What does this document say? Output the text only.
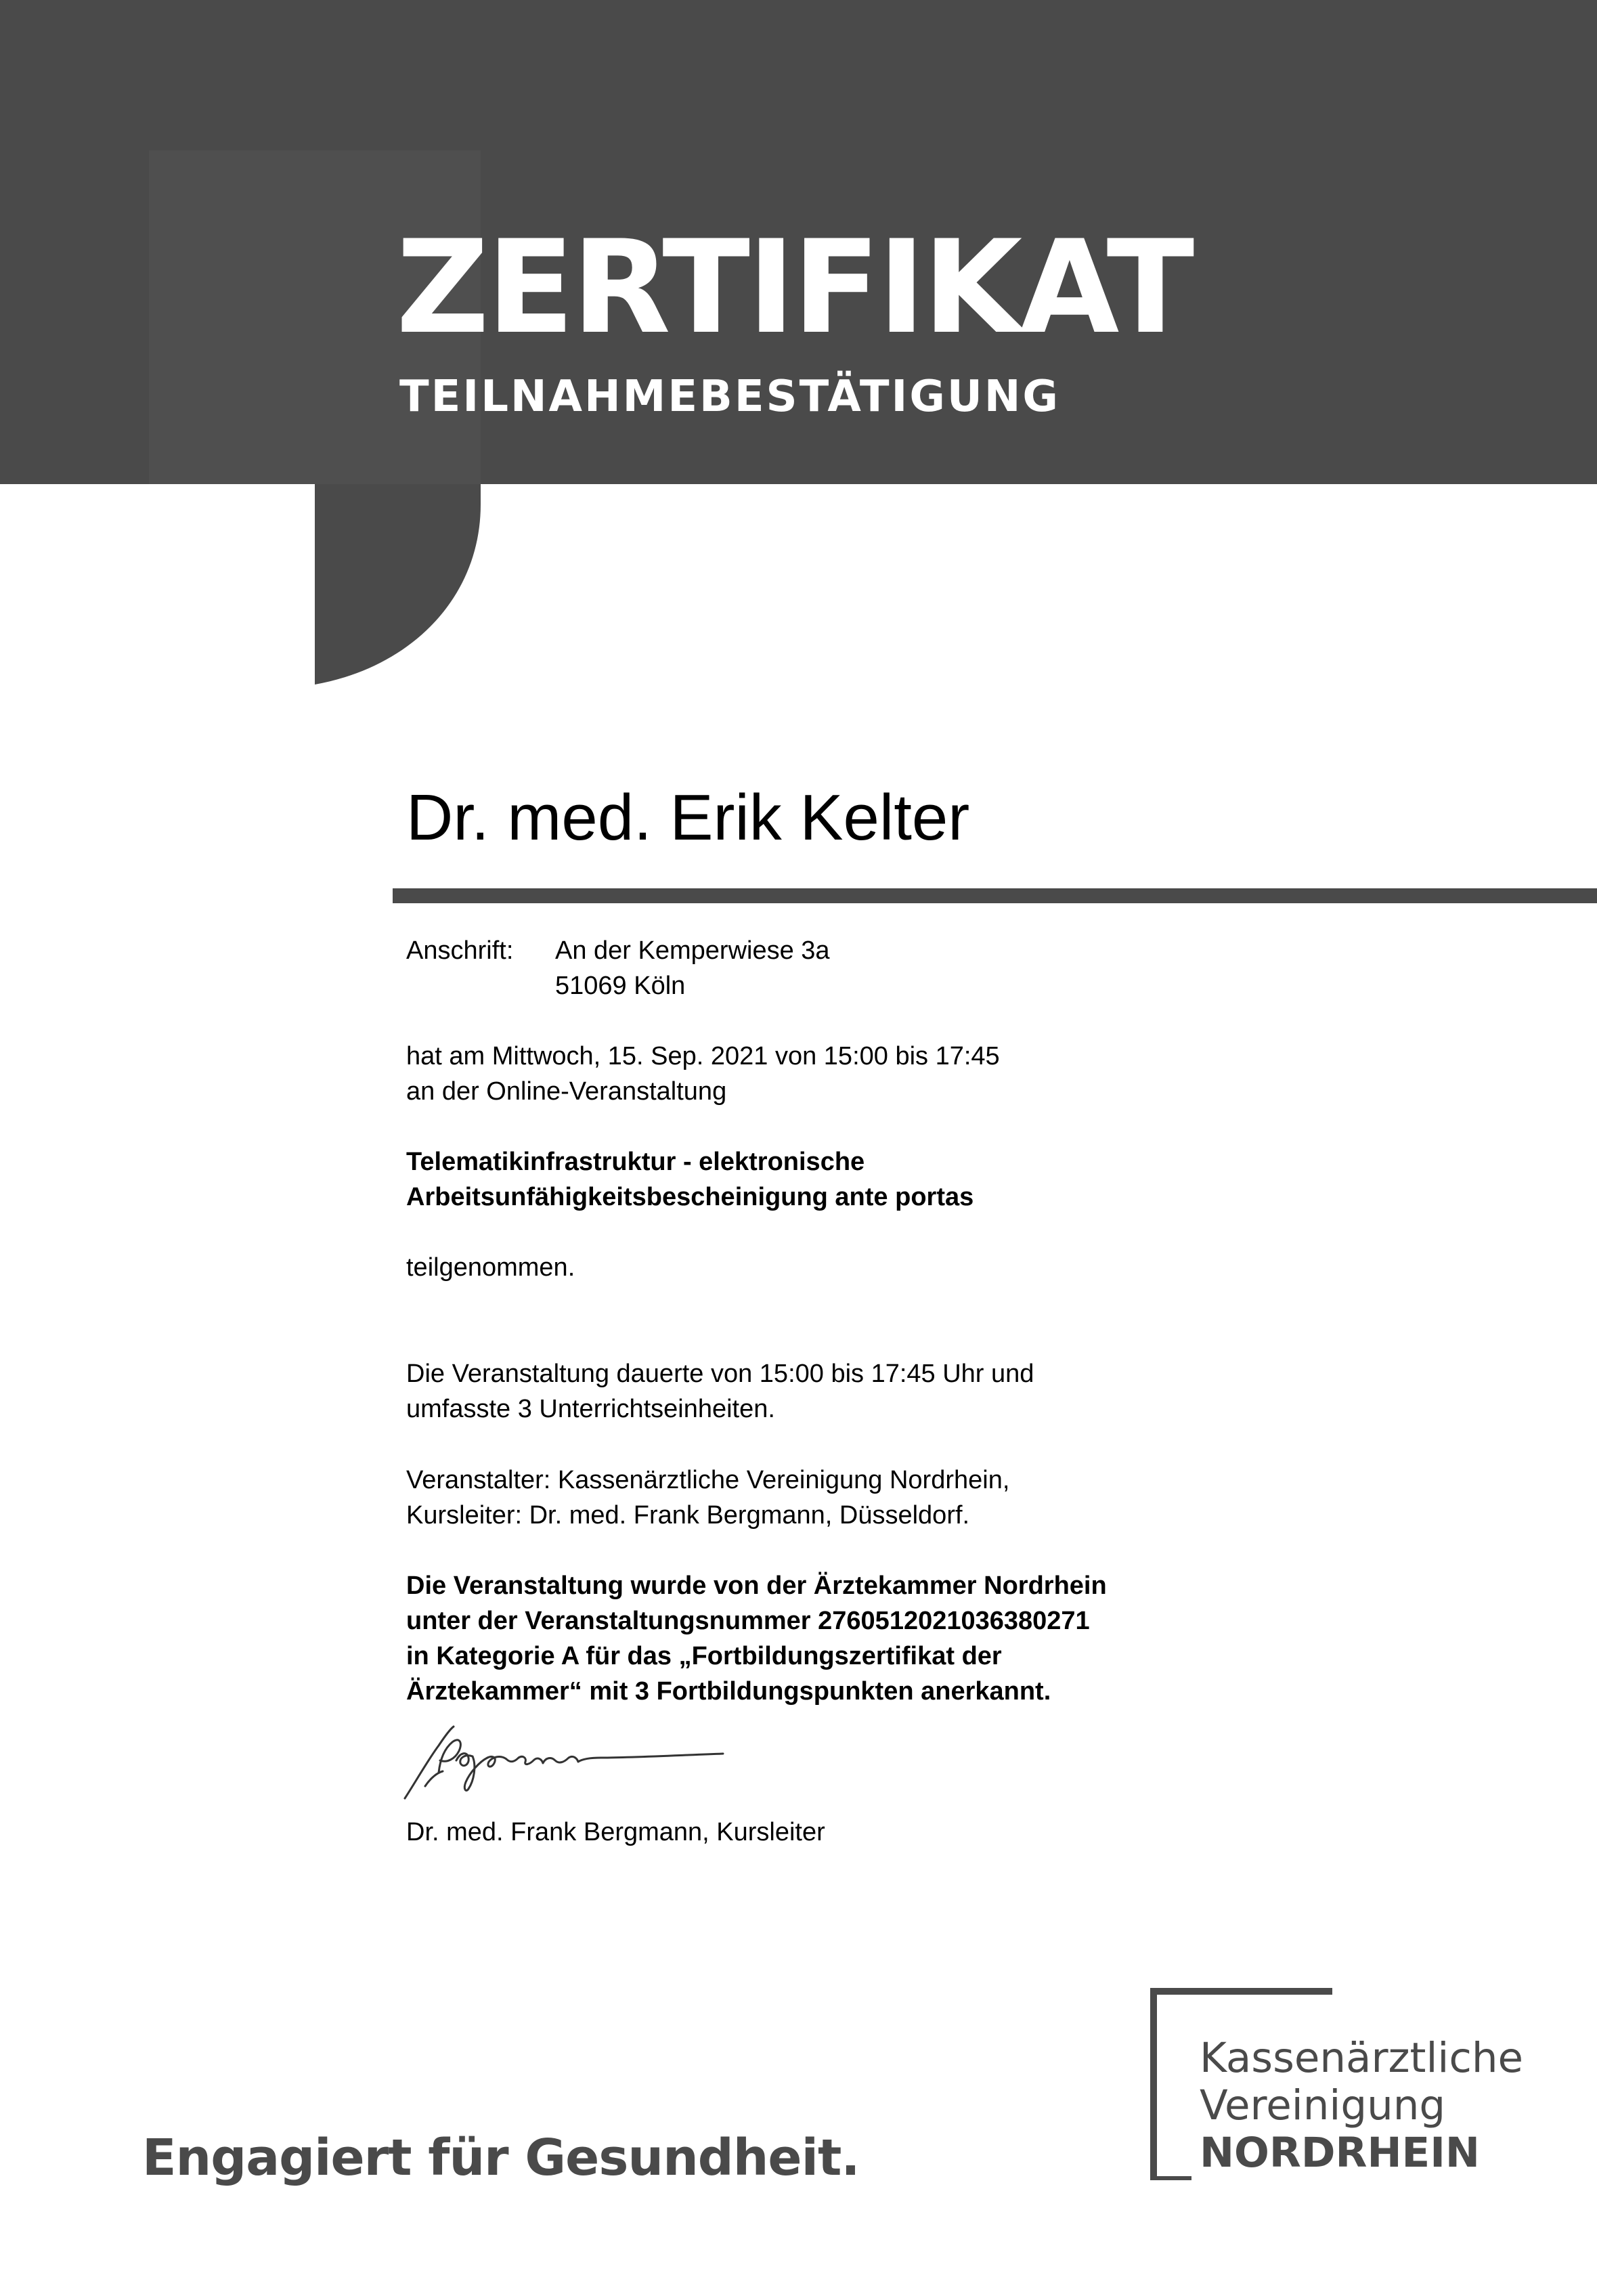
ZERTIFIKAT
TEILNAHMEBESTÄTIGUNG
Dr. med. Erik Kelter
Anschrift: An der Kemperwiese 3a
51069 Köln
hat am Mittwoch, 15. Sep. 2021 von 15:00 bis 17:45
an der Online-Veranstaltung
Telematikinfrastruktur - elektronische
Arbeitsunfähigkeitsbescheinigung ante portas
teilgenommen.
Die Veranstaltung dauerte von 15:00 bis 17:45 Uhr und
umfasste 3 Unterrichtseinheiten.
Veranstalter: Kassenärztliche Vereinigung Nordrhein,
Kursleiter: Dr. med. Frank Bergmann, Düsseldorf.
Die Veranstaltung wurde von der Ärztekammer Nordrhein
unter der Veranstaltungsnummer 2760512021036380271
in Kategorie A für das „Fortbildungszertifikat der
Ärztekammer“ mit 3 Fortbildungspunkten anerkannt.
Dr. med. Frank Bergmann, Kursleiter
Engagiert für Gesundheit.
Kassenärztliche
Vereinigung
NORDRHEIN
